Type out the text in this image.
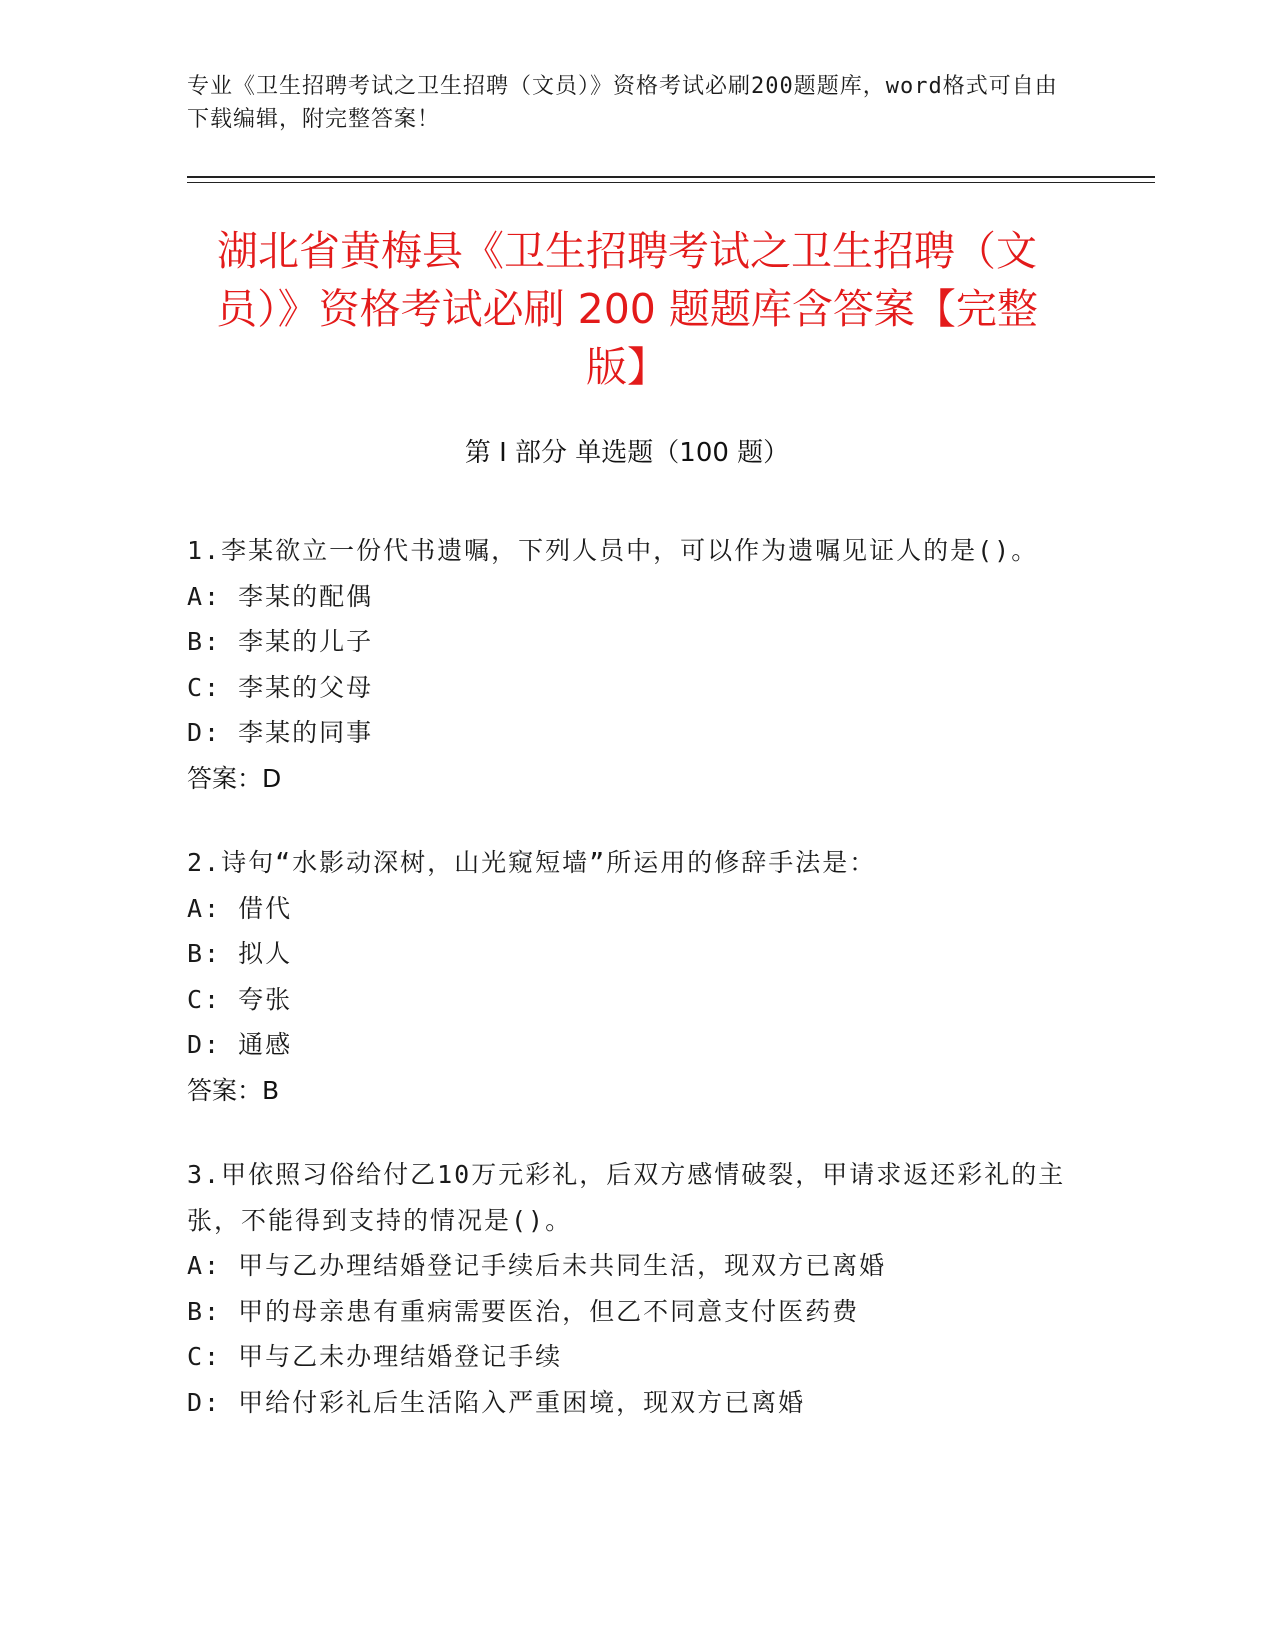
专业《卫生招聘考试之卫生招聘（文员）》资格考试必刷200题题库，word格式可自由下载编辑，附完整答案！
湖北省黄梅县《卫生招聘考试之卫生招聘（文员）》资格考试必刷 200 题题库含答案【完整版】
第 I 部分 单选题（100 题）
1.李某欲立一份代书遗嘱，下列人员中，可以作为遗嘱见证人的是()。
A: 李某的配偶
B: 李某的儿子
C: 李某的父母
D: 李某的同事
答案：D
2.诗句“水影动深树，山光窥短墙”所运用的修辞手法是：
A: 借代
B: 拟人
C: 夸张
D: 通感
答案：B
3.甲依照习俗给付乙10万元彩礼，后双方感情破裂，甲请求返还彩礼的主张，不能得到支持的情况是()。
A: 甲与乙办理结婚登记手续后未共同生活，现双方已离婚
B: 甲的母亲患有重病需要医治，但乙不同意支付医药费
C: 甲与乙未办理结婚登记手续
D: 甲给付彩礼后生活陷入严重困境，现双方已离婚
